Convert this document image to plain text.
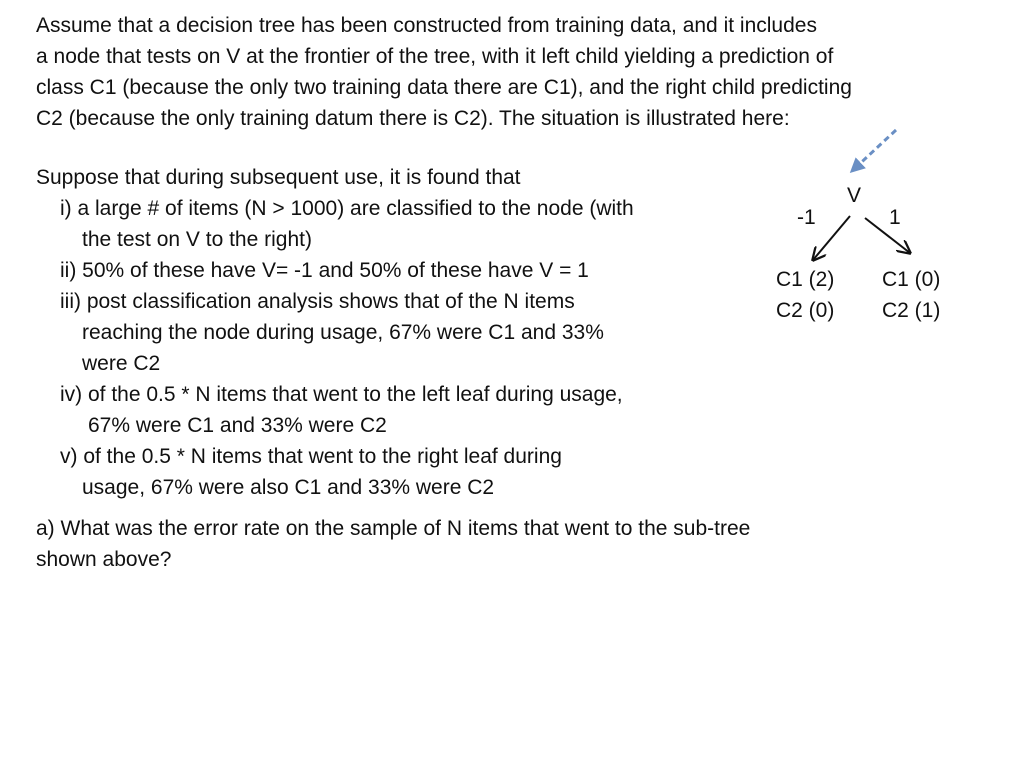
Assume that a decision tree has been constructed from training data, and it includes
a node that tests on V at the frontier of the tree, with it left child yielding a prediction of
class C1 (because the only two training data there are C1), and the right child predicting
C2 (because the only training datum there is C2). The situation is illustrated here:
Suppose that during subsequent use, it is found that
i) a large # of items (N > 1000) are classified to the node (with
the test on V to the right)
ii) 50% of these have V= -1 and 50% of these have V = 1
iii) post classification analysis shows that of the N items
reaching the node during usage, 67% were C1 and 33%
were C2
iv) of the 0.5 * N items that went to the left leaf during usage,
67% were C1 and 33% were C2
v) of the 0.5 * N items that went to the right leaf during
usage, 67% were also C1 and 33% were C2
a) What was the error rate on the sample of N items that went to the sub-tree
shown above?
V
-1	1
C1 (2)
C2 (0)
C1 (0)
C2 (1)
